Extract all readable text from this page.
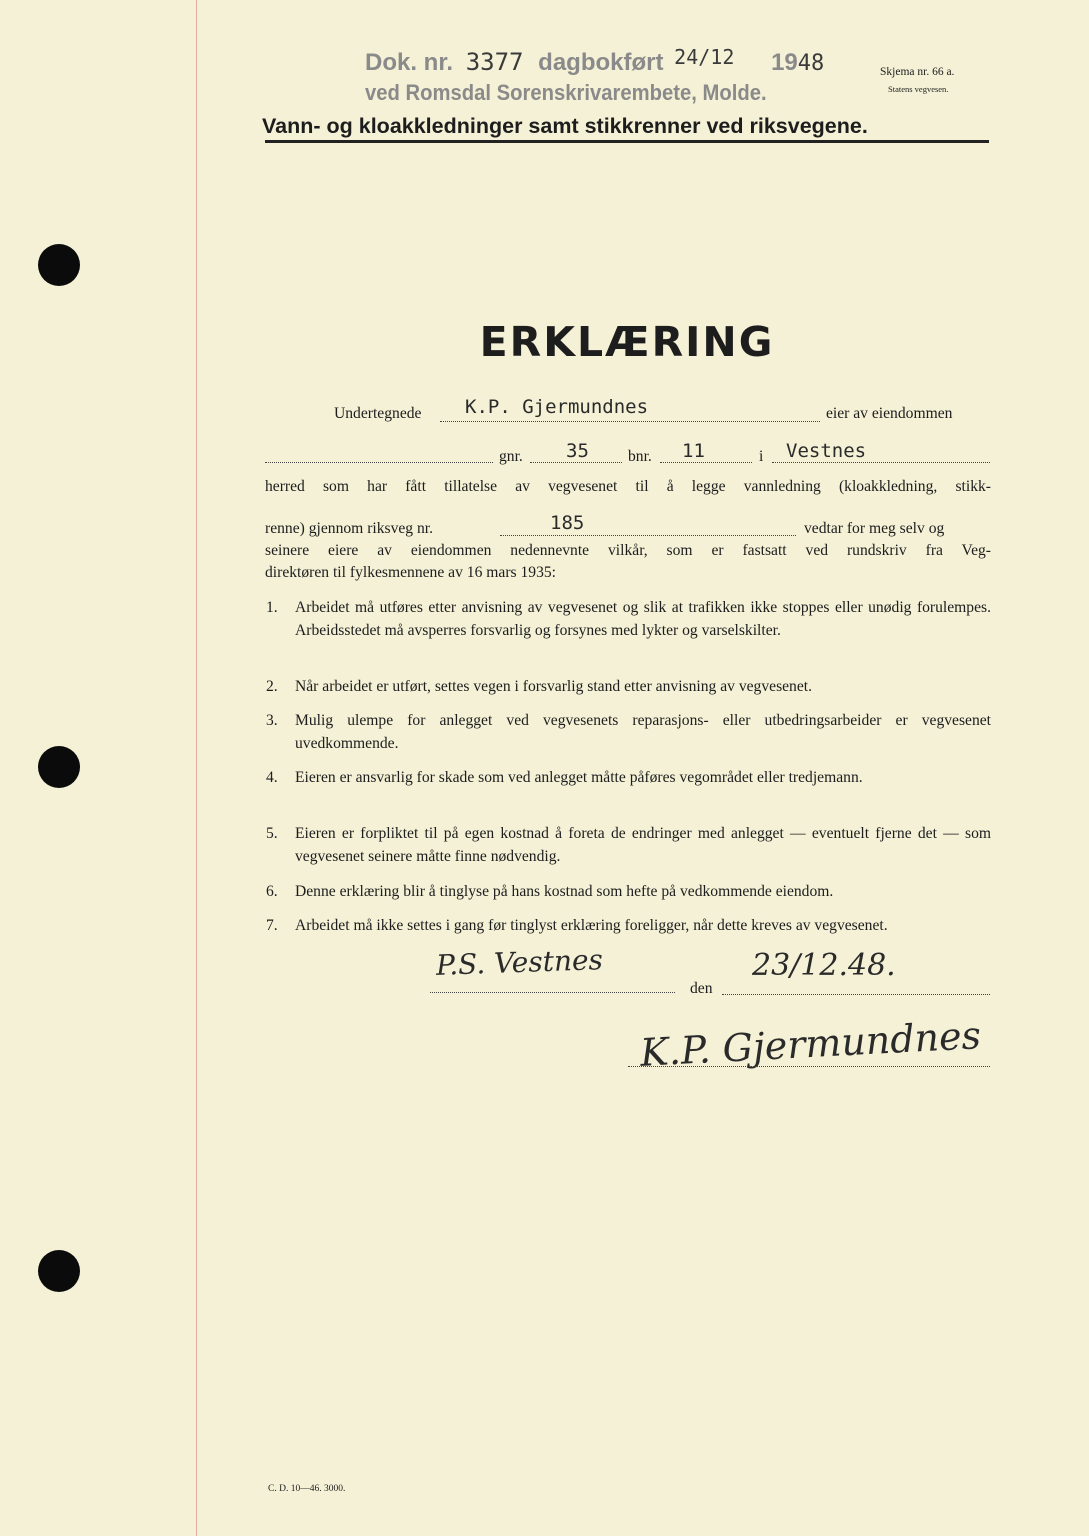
Dok. nr. 3377 dagbokført $^{24/12}$ 1948
ved Romsdal Sorenskrivarembete, Molde.
Skjema nr. 66 a.
Statens vegvesen.
Vann- og kloakkledninger samt stikkrenner ved riksvegene.
ERKLÆRING
Undertegnede K.P. Gjermundnes	eier av eiendommen
gnr. 35	bnr. 11	i Vestnes
herred som har fått tillatelse av vegvesenet til å legge vannledning (kloakkledning, stikk-
renne) gjennom riksveg nr.	185	vedtar for meg selv og
seinere eiere av eiendommen nedennevnte vilkår, som er fastsatt ved rundskriv fra Veg-
direktøren til fylkesmennene av 16 mars 1935:
1. Arbeidet må utføres etter anvisning av vegvesenet og slik at trafikken ikke stoppes eller unødig forulempes. Arbeidsstedet må avsperres forsvarlig og forsynes med lykter og varselskilter.
2. Når arbeidet er utført, settes vegen i forsvarlig stand etter anvisning av vegvesenet.
3. Mulig ulempe for anlegget ved vegvesenets reparasjons- eller utbedringsarbeider er vegvesenet uvedkommende.
4. Eieren er ansvarlig for skade som ved anlegget måtte påføres vegområdet eller tredjemann.
5. Eieren er forpliktet til på egen kostnad å foreta de endringer med anlegget — eventuelt fjerne det — som vegvesenet seinere måtte finne nødvendig.
6. Denne erklæring blir å tinglyse på hans kostnad som hefte på vedkommende eiendom.
7. Arbeidet må ikke settes i gang før tinglyst erklæring foreligger, når dette kreves av vegvesenet.
P.S. Vestnes
den
23/12.48.
K.P. Gjermundnes
C. D. 10—46. 3000.
